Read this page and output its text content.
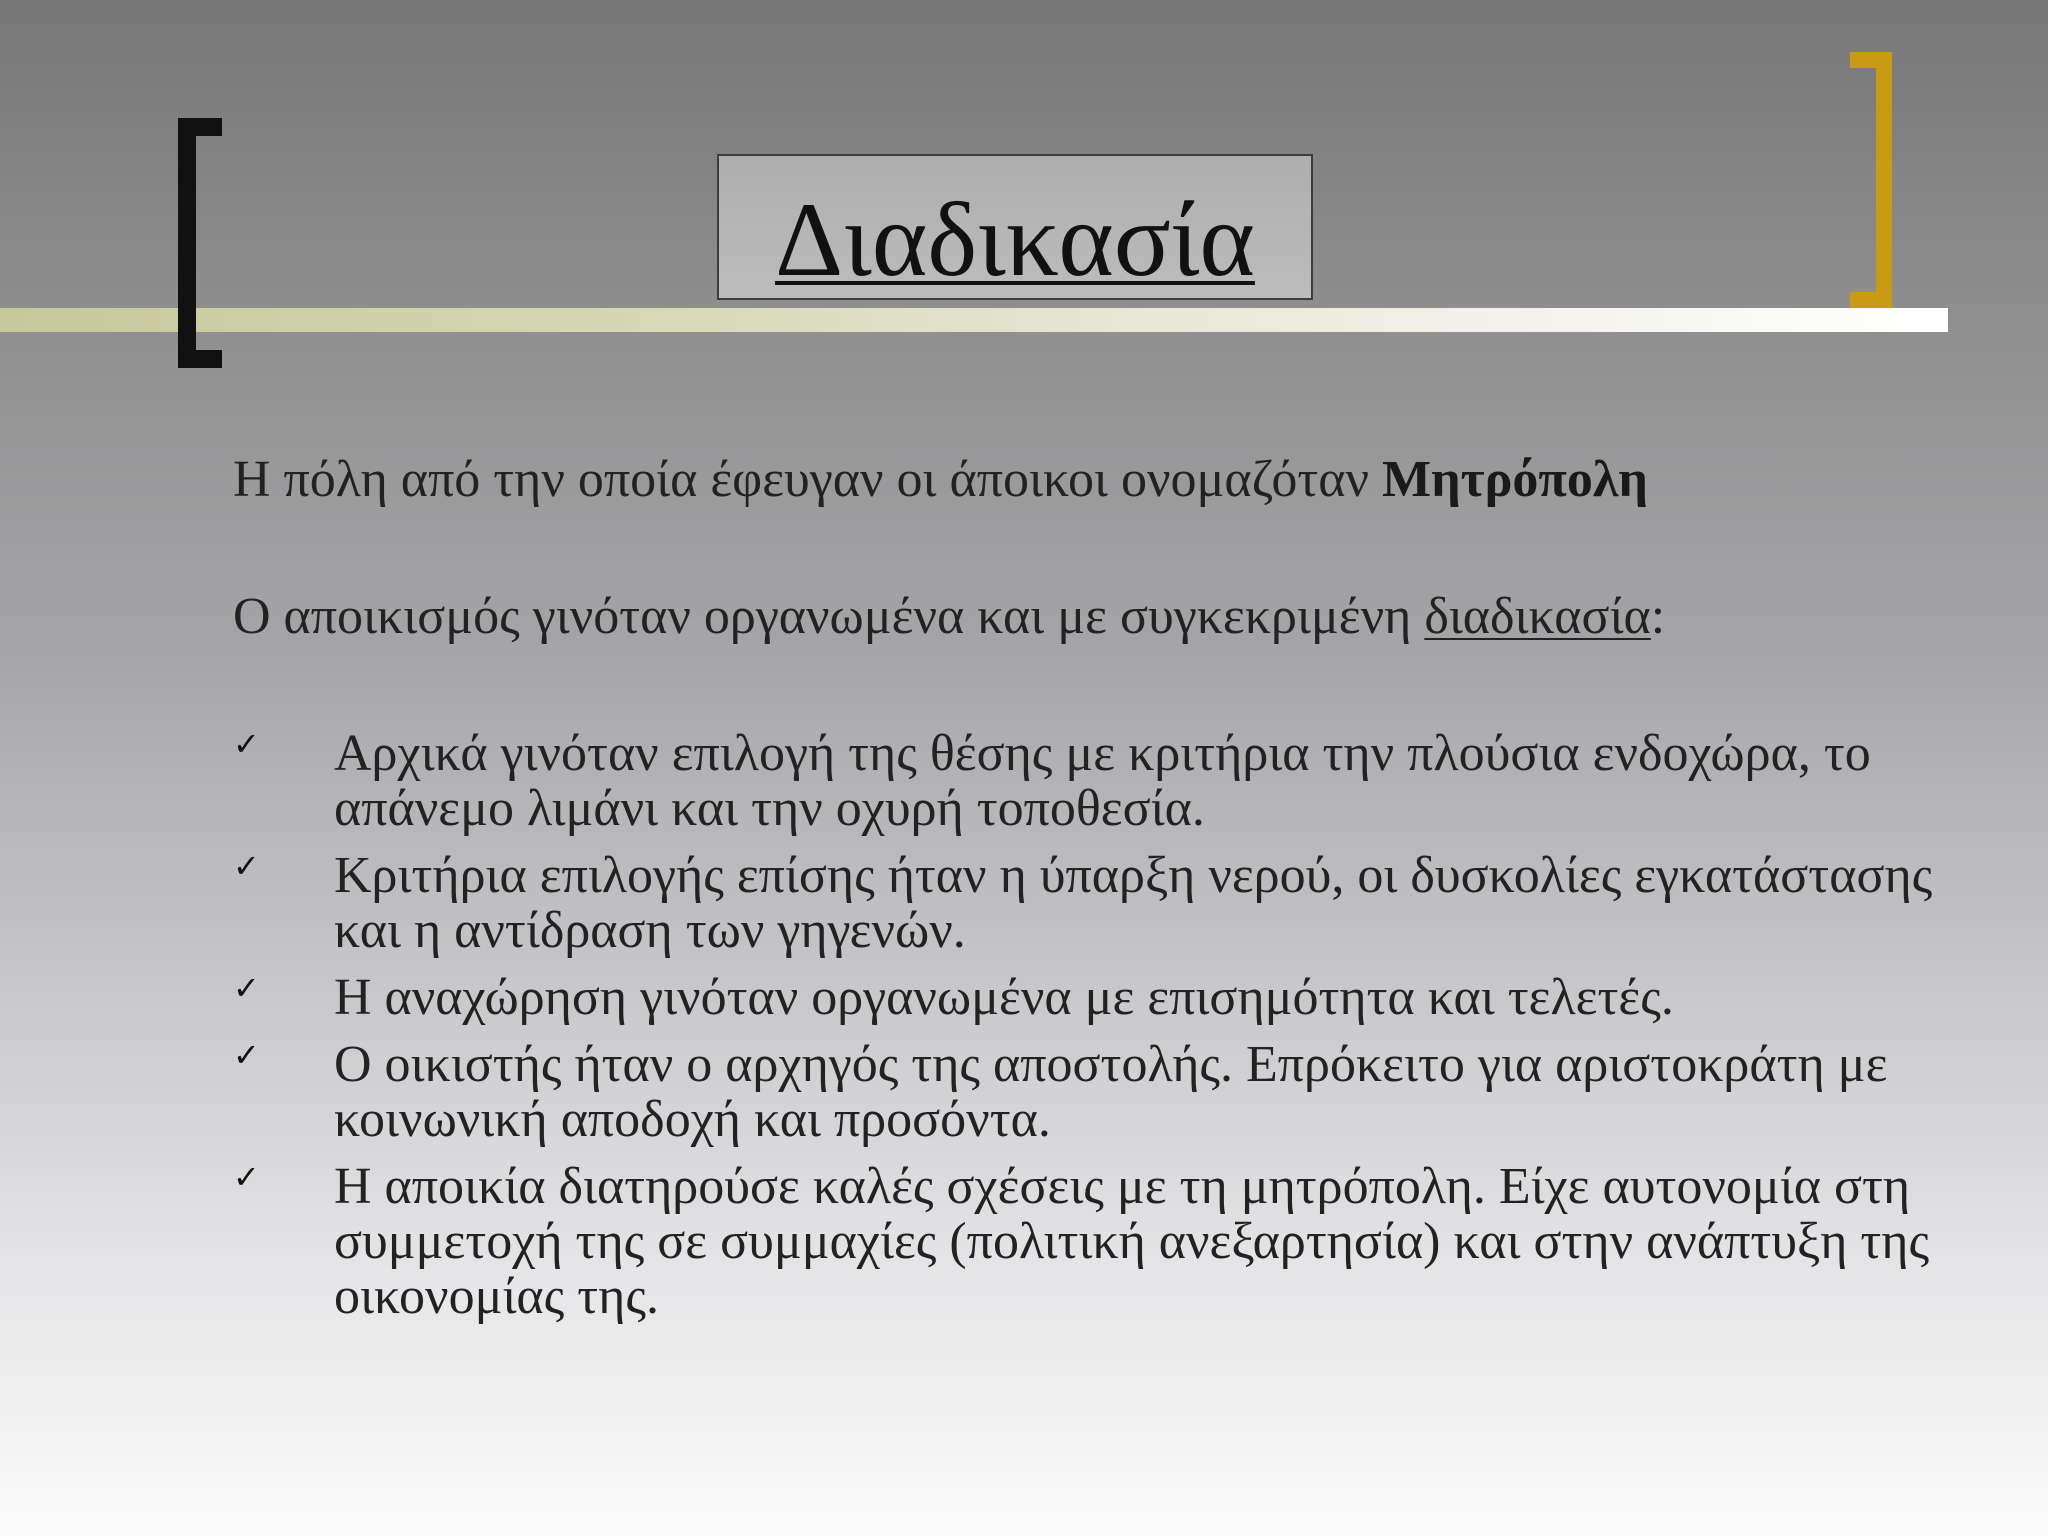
Διαδικασία
Η πόλη από την οποία έφευγαν οι άποικοι ονομαζόταν Μητρόπολη
Ο αποικισμός γινόταν οργανωμένα και με συγκεκριμένη διαδικασία:
✓ Αρχικά γινόταν επιλογή της θέσης με κριτήρια την πλούσια ενδοχώρα, το απάνεμο λιμάνι και την οχυρή τοποθεσία.
✓ Κριτήρια επιλογής επίσης ήταν η ύπαρξη νερού, οι δυσκολίες εγκατάστασης και η αντίδραση των γηγενών.
✓ Η αναχώρηση γινόταν οργανωμένα με επισημότητα και τελετές.
✓ Ο οικιστής ήταν ο αρχηγός της αποστολής. Επρόκειτο για αριστοκράτη με κοινωνική αποδοχή και προσόντα.
✓ Η αποικία διατηρούσε καλές σχέσεις με τη μητρόπολη. Είχε αυτονομία στη συμμετοχή της σε συμμαχίες (πολιτική ανεξαρτησία) και στην ανάπτυξη της οικονομίας της.
